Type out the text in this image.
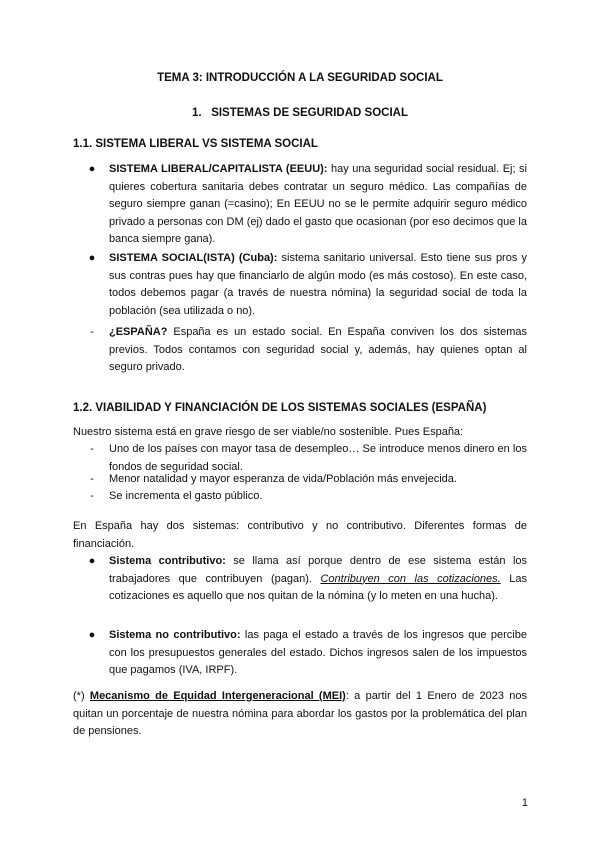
TEMA 3: INTRODUCCIÓN A LA SEGURIDAD SOCIAL
1. SISTEMAS DE SEGURIDAD SOCIAL
1.1. SISTEMA LIBERAL VS SISTEMA SOCIAL
●	SISTEMA LIBERAL/CAPITALISTA (EEUU): hay una seguridad social residual. Ej; si quieres cobertura sanitaria debes contratar un seguro médico. Las compañías de seguro siempre ganan (=casino); En EEUU no se le permite adquirir seguro médico privado a personas con DM (ej) dado el gasto que ocasionan (por eso decimos que la banca siempre gana).
●	SISTEMA SOCIAL(ISTA) (Cuba): sistema sanitario universal. Esto tiene sus pros y sus contras pues hay que financiarlo de algún modo (es más costoso). En este caso, todos debemos pagar (a través de nuestra nómina) la seguridad social de toda la población (sea utilizada o no).
-	¿ESPAÑA? España es un estado social. En España conviven los dos sistemas previos. Todos contamos con seguridad social y, además, hay quienes optan al seguro privado.
1.2. VIABILIDAD Y FINANCIACIÓN DE LOS SISTEMAS SOCIALES (ESPAÑA)
Nuestro sistema está en grave riesgo de ser viable/no sostenible. Pues España:
-	Uno de los países con mayor tasa de desempleo… Se introduce menos dinero en los fondos de seguridad social.
-	Menor natalidad y mayor esperanza de vida/Población más envejecida.
-	Se incrementa el gasto público.
En España hay dos sistemas: contributivo y no contributivo. Diferentes formas de financiación.
●	Sistema contributivo: se llama así porque dentro de ese sistema están los trabajadores que contribuyen (pagan). Contribuyen con las cotizaciones. Las cotizaciones es aquello que nos quitan de la nómina (y lo meten en una hucha).
●	Sistema no contributivo: las paga el estado a través de los ingresos que percibe con los presupuestos generales del estado. Dichos ingresos salen de los impuestos que pagamos (IVA, IRPF).
(*) Mecanismo de Equidad Intergeneracional (MEI): a partir del 1 Enero de 2023 nos quitan un porcentaje de nuestra nómina para abordar los gastos por la problemática del plan de pensiones.
1
